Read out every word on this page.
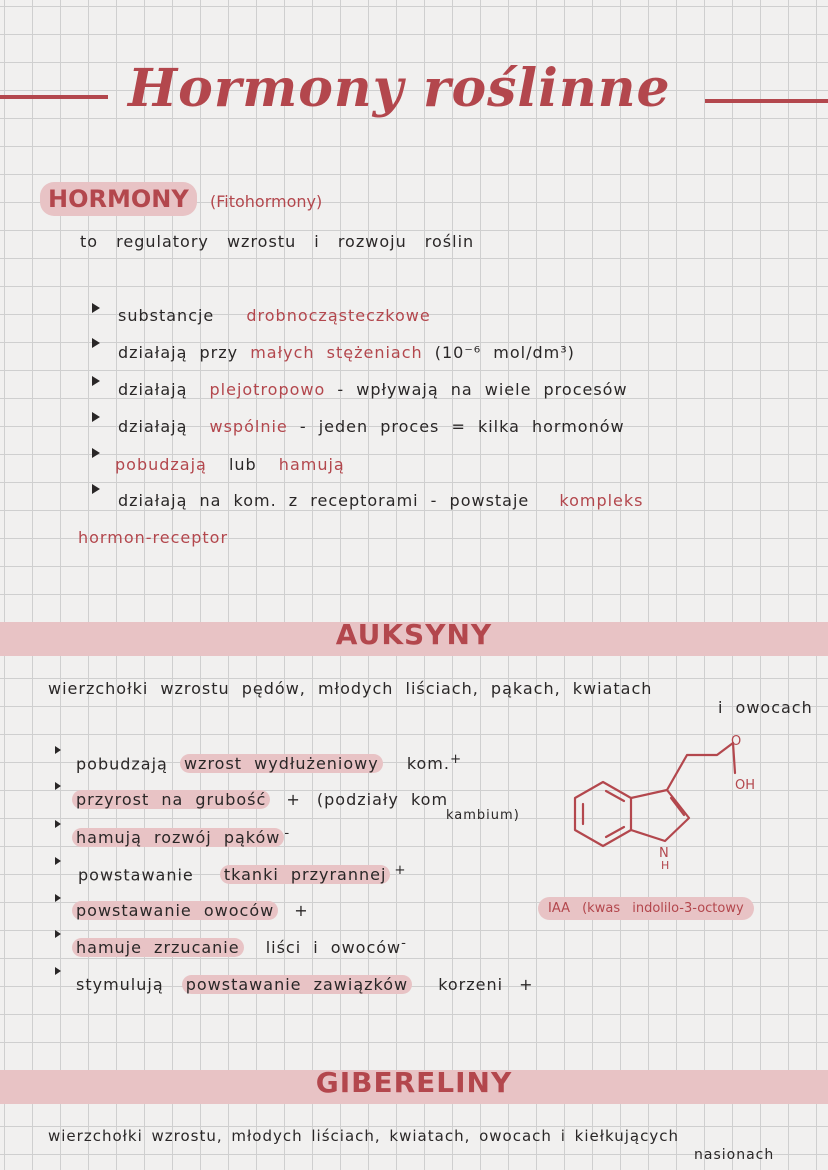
Hormony roślinne
HORMONY	(Fitohormony)
to regulatory wzrostu i rozwoju roślin
substancje drobnocząsteczkowe
działają przy małych stężeniach (10⁻⁶ mol/dm³)
działają plejotropowo - wpływają na wiele procesów
działają wspólnie - jeden proces = kilka hormonów
pobudzają lub hamują
działają na kom. z receptorami - powstaje kompleks
hormon-receptor
AUKSYNY
wierzchołki wzrostu pędów, młodych liściach, pąkach, kwiatach
i owocach
pobudzają wzrost wydłużeniowy kom.+
przyrost na grubość + (podziały kom
kambium)
hamują rozwój pąków -
powstawanie tkanki przyrannej +
powstawanie owoców +
hamuje zrzucanie liści i owoców-
stymulują powstawanie zawiązków korzeni +
O
OH
N
H
IAA (kwas indolilo-3-octowy
GIBERELINY
wierzchołki wzrostu, młodych liściach, kwiatach, owocach i kiełkujących
nasionach
